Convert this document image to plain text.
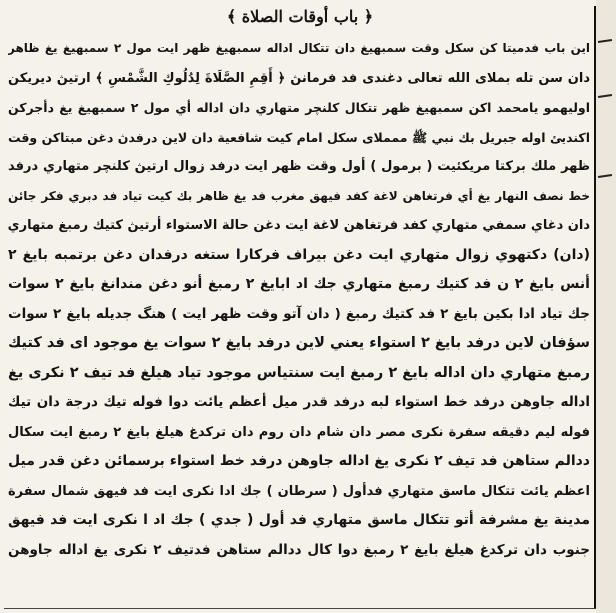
﴿ باب أوقات الصلاة ﴾
اين باب فدميتا كن سكل وقت سمبهيغ دان تتكال اداله سمبهيغ ظهر ايت مول ٢ سمبهيغ يغ ظاهر
دان سن تله بملاى الله تعالى دغندى فد فرمانڽ ﴿ أَقِمِ الصَّلَاةَ لِدُلُوكِ الشَّمْسِ ﴾ ارتيڽ ديريكن
اوليهمو يامحمد اكن سمبهيغ ظهر تتكال كلنچر متهاري دان اداله أي مول ٢ سمبهيغ يغ دأجركن
اكنديئ اوله جبريل بك نبي ﷺ ممملاى سكل امام كيت شافعية دان لاين درفدڽ دغن مبتاكن وقت
ظهر ملك بركتا مريكئيت ( برمول ) أول وقت ظهر ايت درفد زوال ارتيڽ كلنچر متهاري درفد
خط نصف النهار يغ أي فرتغاهن لاغة كفد فيهق مغرب فد يغ ظاهر بك كيت تياد فد دبري فكر جائن
دان دغاي سمفي متهاري كفد فرتغاهن لاغة ايت دغن حالة الاستواء أرتيڽ كتيك رمبغ متهاري
(دان) دكتهوي زوال متهاري ايت دغن بيراف فركارا ستغه درفدان دغن برتمبه بايغ ٢
أنس بايغ ٢ ن فد كتيك رمبغ متهاري جك اد ابايغ ٢ رمبغ أنو دغن مندانغ بايغ ٢ سوات
جك تياد ادا بكين بايغ ٢ فد كتيك رمبغ ( دان آتو وقت ظهر ايت ) هنگ جديله بايغ ٢ سوات
سؤفان لاين درفد بايغ ٢ استواء يعني لاين درفد بايغ ٢ سوات يغ موجود اى فد كتيك
رمبغ متهاري دان اداله بايغ ٢ رمبغ ايت سنتياس موجود تياد هيلغ فد تيف ٢ نكرى يغ
اداله جاوهن درفد خط استواء لبه درفد قدر ميل أعظم يائت دوا فوله تيك درجة دان تيك
فوله ليم دقيقه سفرة نكرى مصر دان شام دان روم دان تركدغ هيلغ بايغ ٢ رمبغ ايت سكال
ددالم ستاهن فد تيف ٢ نكرى يغ اداله جاوهن درفد خط استواء برسمائن دغن قدر ميل
اعظم يائت تتكال ماسق متهاري فدأول ( سرطان ) جك ادا نكرى ايت فد فيهق شمال سفرة
مدينة يغ مشرفة أتو تتكال ماسق متهاري فد أول ( جدي ) جك اد ا نكرى ايت فد فيهق
جنوب دان تركدغ هيلغ بايغ ٢ رمبغ دوا كال ددالم ستاهن فدتيف ٢ نكرى يغ اداله جاوهن
